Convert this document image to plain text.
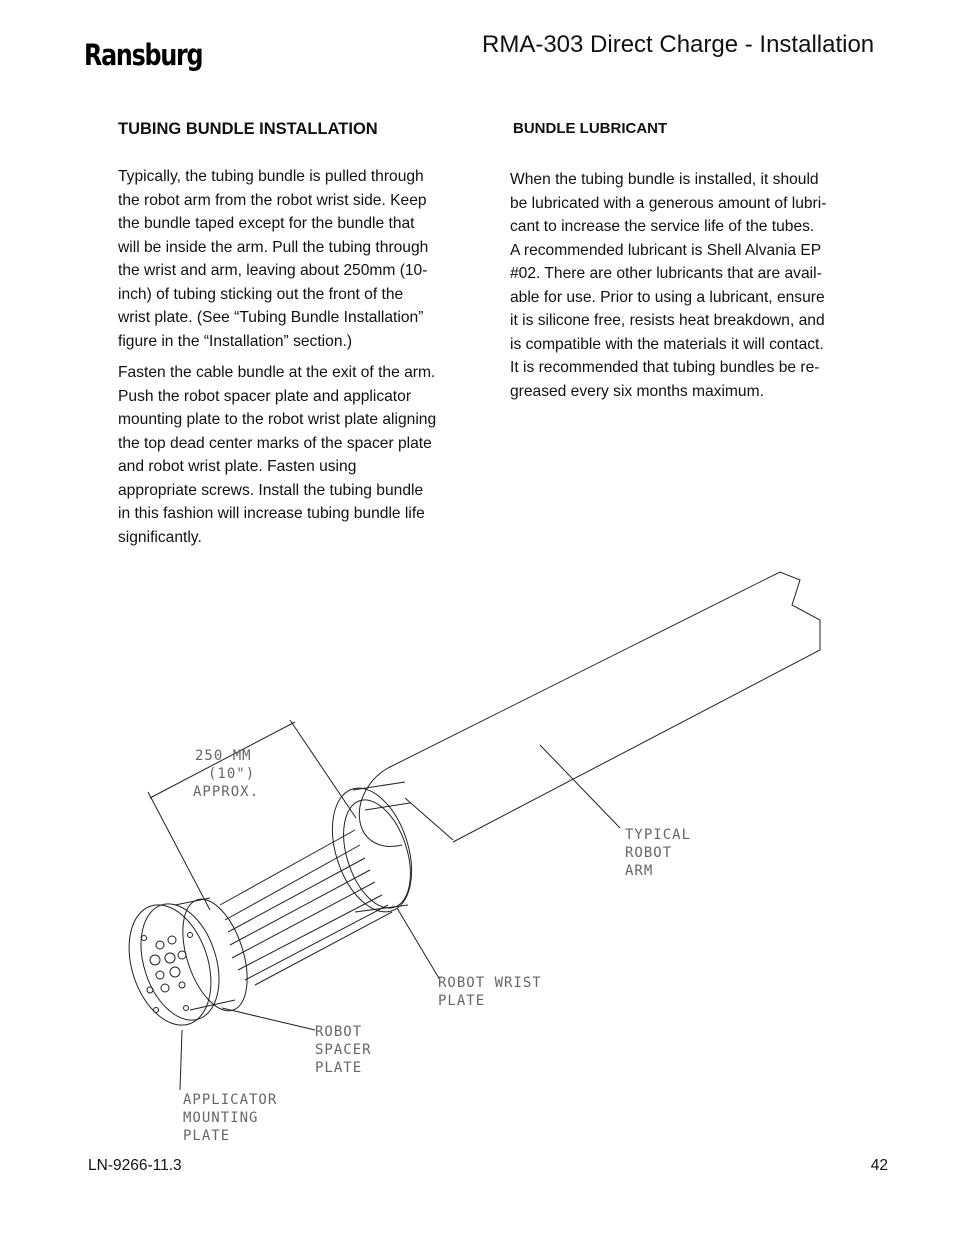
Ransburg	RMA-303 Direct Charge - Installation
TUBING BUNDLE INSTALLATION

Typically, the tubing bundle is pulled through
the robot arm from the robot wrist side. Keep
the bundle taped except for the bundle that
will be inside the arm. Pull the tubing through
the wrist and arm, leaving about 250mm (10-
inch) of tubing sticking out the front of the
wrist plate. (See “Tubing Bundle Installation”
figure in the “Installation” section.)

Fasten the cable bundle at the exit of the arm.
Push the robot spacer plate and applicator
mounting plate to the robot wrist plate aligning
the top dead center marks of the spacer plate
and robot wrist plate. Fasten using
appropriate screws. Install the tubing bundle
in this fashion will increase tubing bundle life
significantly.

BUNDLE LUBRICANT

When the tubing bundle is installed, it should
be lubricated with a generous amount of lubri-
cant to increase the service life of the tubes.
A recommended lubricant is Shell Alvania EP
#02. There are other lubricants that are avail-
able for use. Prior to using a lubricant, ensure
it is silicone free, resists heat breakdown, and
is compatible with the materials it will contact.
It is recommended that tubing bundles be re-
greased every six months maximum.

250 MM
(10")
APPROX.
TYPICAL
ROBOT
ARM
ROBOT WRIST
PLATE
ROBOT
SPACER
PLATE
APPLICATOR
MOUNTING
PLATE
LN-9266-11.3	42
